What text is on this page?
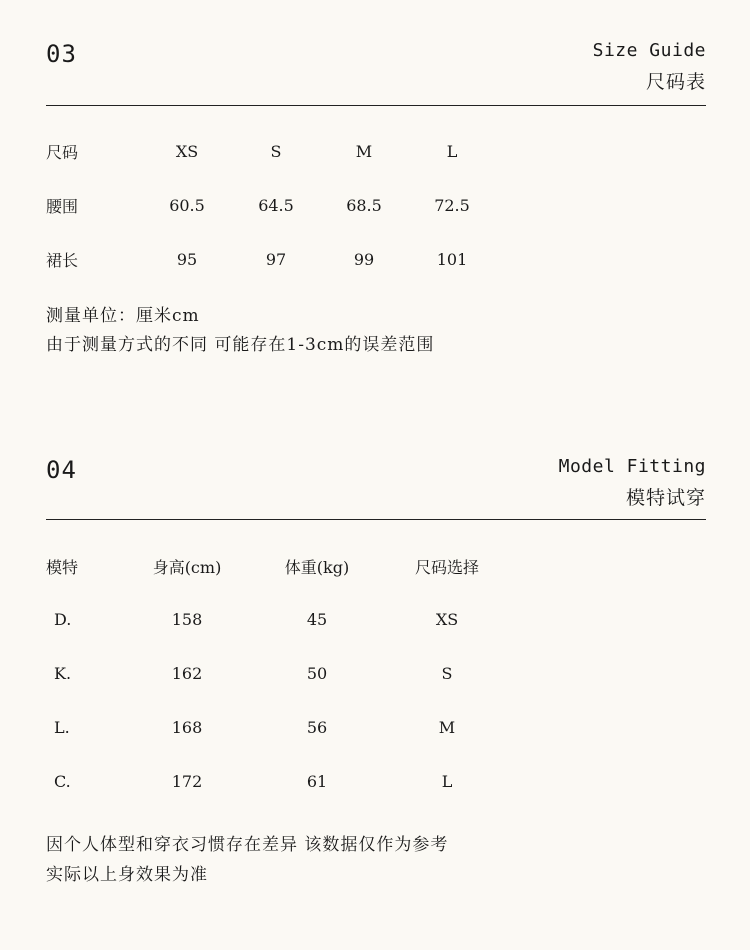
03	Size Guide
尺码表
尺码	XS	S	M	L
腰围	60.5	64.5	68.5	72.5
裙长	95	97	99	101
测量单位：厘米cm
由于测量方式的不同 可能存在1-3cm的误差范围
04	Model Fitting
模特试穿
模特	身高(cm)	体重(kg)	尺码选择
D.	158	45	XS
K.	162	50	S
L.	168	56	M
C.	172	61	L
因个人体型和穿衣习惯存在差异 该数据仅作为参考
实际以上身效果为准
